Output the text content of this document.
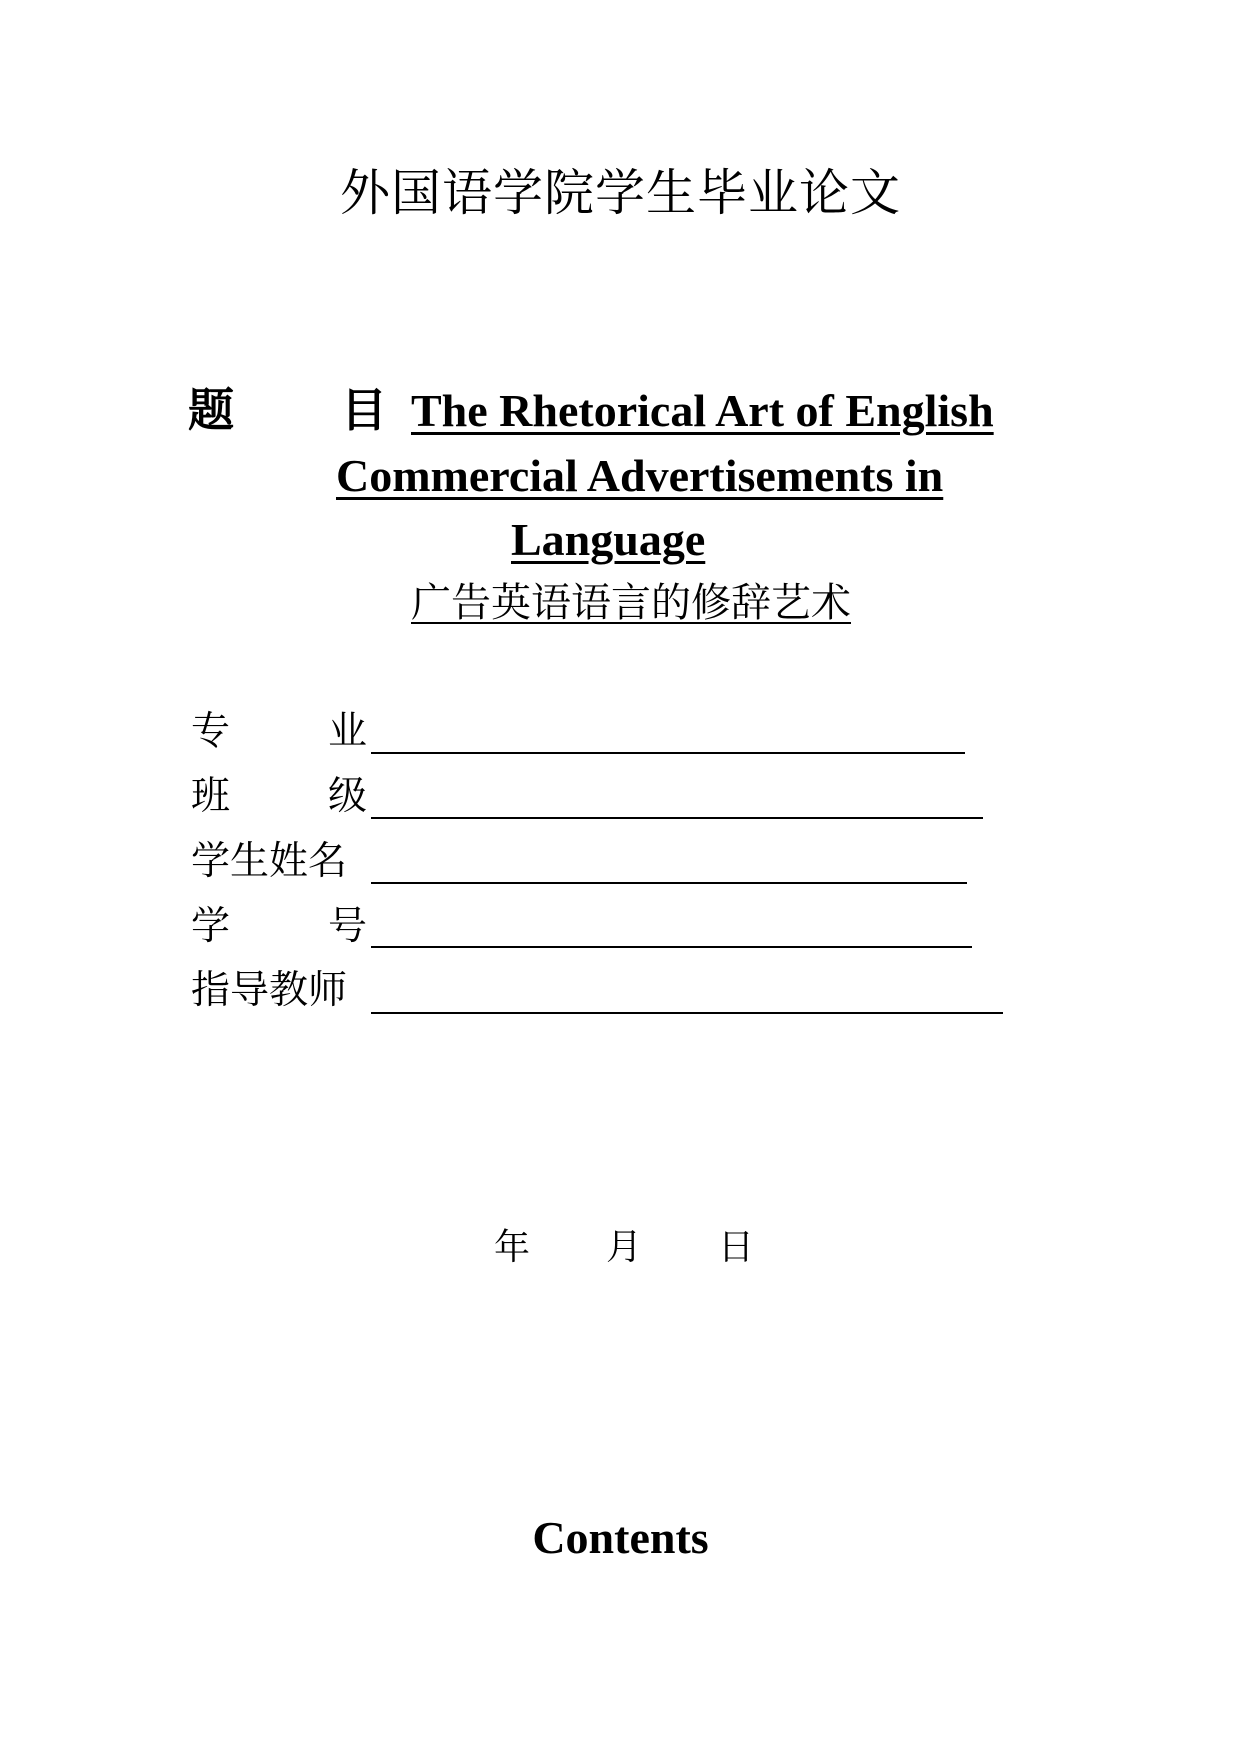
外国语学院学生毕业论文
题 目 The Rhetorical Art of English
Commercial Advertisements in
Language
广告英语语言的修辞艺术
专	业
班	级
学生姓名
学	号
指导教师
年 月 日
Contents
